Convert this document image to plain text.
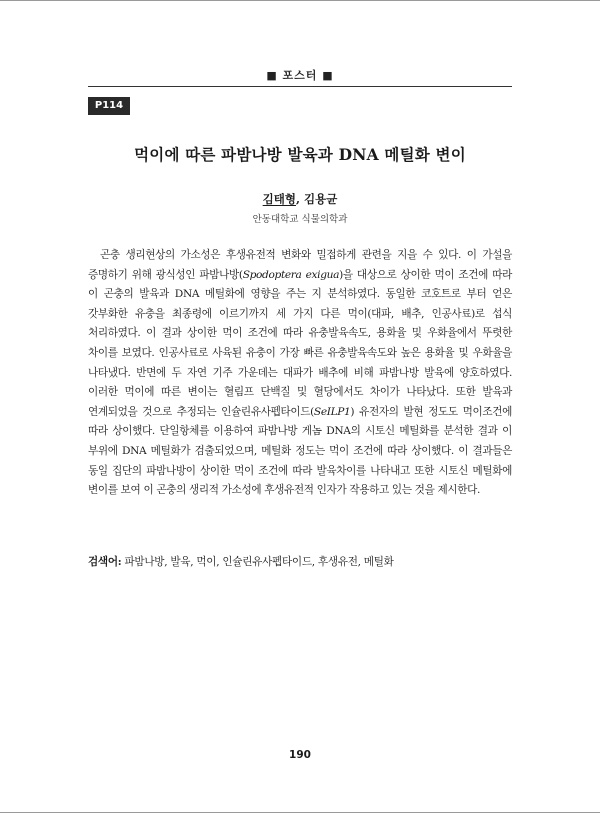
■ 포스터 ■
P114
먹이에 따른 파밤나방 발육과 DNA 메틸화 변이
김태형, 김용균
안동대학교 식물의학과

곤충 생리현상의 가소성은 후생유전적 변화와 밀접하게 관련을 지을 수 있다. 이 가설을 증명하기 위해 광식성인 파밤나방(Spodoptera exigua)을 대상으로 상이한 먹이 조건에 따라 이 곤충의 발육과 DNA 메틸화에 영향을 주는 지 분석하였다. 동일한 코호트로 부터 얻은 갓부화한 유충을 최종령에 이르기까지 세 가지 다른 먹이(대파, 배추, 인공사료)로 섭식 처리하였다. 이 결과 상이한 먹이 조건에 따라 유충발육속도, 용화율 및 우화율에서 뚜렷한 차이를 보였다. 인공사료로 사육된 유충이 가장 빠른 유충발육속도와 높은 용화율 및 우화율을 나타냈다. 반면에 두 자연 기주 가운데는 대파가 배추에 비해 파밤나방 발육에 양호하였다. 이러한 먹이에 따른 변이는 혈림프 단백질 및 혈당에서도 차이가 나타났다. 또한 발육과 연계되었을 것으로 추정되는 인슐린유사펩타이드(SeILP1) 유전자의 발현 정도도 먹이조건에 따라 상이했다. 단일항체를 이용하여 파밤나방 게놈 DNA의 시토신 메틸화를 분석한 결과 이 부위에 DNA 메틸화가 검출되었으며, 메틸화 정도는 먹이 조건에 따라 상이했다. 이 결과들은 동일 집단의 파밤나방이 상이한 먹이 조건에 따라 발육차이를 나타내고 또한 시토신 메틸화에 변이를 보여 이 곤충의 생리적 가소성에 후생유전적 인자가 작용하고 있는 것을 제시한다.

검색어: 파밤나방, 발육, 먹이, 인슐린유사펩타이드, 후생유전, 메틸화
190
